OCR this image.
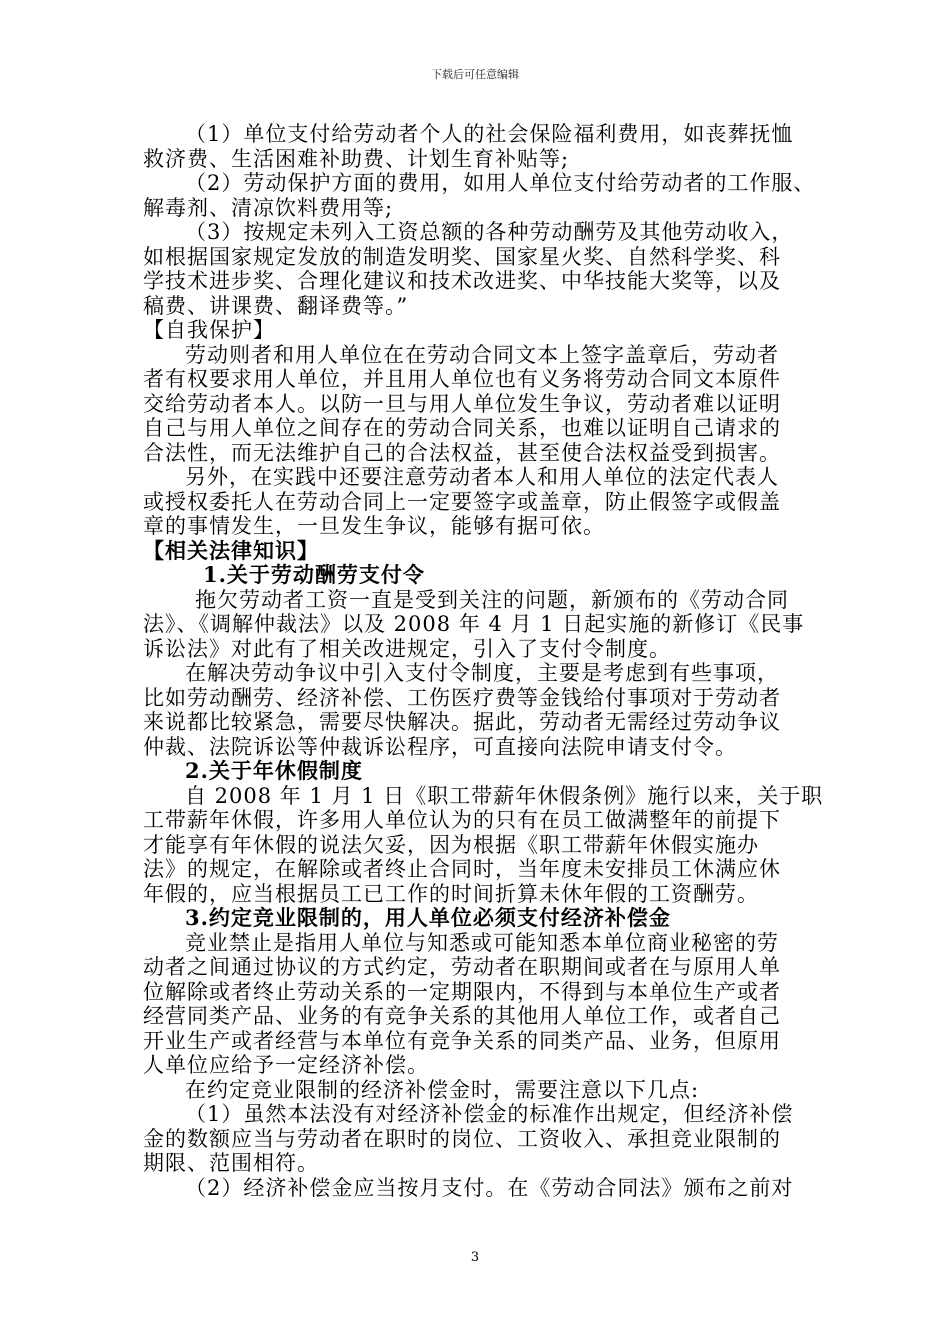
下载后可任意编辑
（1）单位支付给劳动者个人的社会保险福利费用，如丧葬抚恤
救济费、生活困难补助费、计划生育补贴等;
（2）劳动保护方面的费用，如用人单位支付给劳动者的工作服、
解毒剂、清凉饮料费用等;
（3）按规定未列入工资总额的各种劳动酬劳及其他劳动收入，
如根据国家规定发放的制造发明奖、国家星火奖、自然科学奖、科
学技术进步奖、合理化建议和技术改进奖、中华技能大奖等，以及
稿费、讲课费、翻译费等。”
【自我保护】
劳动则者和用人单位在在劳动合同文本上签字盖章后，劳动者
者有权要求用人单位，并且用人单位也有义务将劳动合同文本原件
交给劳动者本人。以防一旦与用人单位发生争议，劳动者难以证明
自己与用人单位之间存在的劳动合同关系，也难以证明自己请求的
合法性，而无法维护自己的合法权益，甚至使合法权益受到损害。
另外，在实践中还要注意劳动者本人和用人单位的法定代表人
或授权委托人在劳动合同上一定要签字或盖章，防止假签字或假盖
章的事情发生，一旦发生争议，能够有据可依。
【相关法律知识】
1.关于劳动酬劳支付令
拖欠劳动者工资一直是受到关注的问题，新颁布的《劳动合同
法》、《调解仲裁法》以及 2008 年 4 月 1 日起实施的新修订《民事
诉讼法》对此有了相关改进规定，引入了支付令制度。
在解决劳动争议中引入支付令制度，主要是考虑到有些事项，
比如劳动酬劳、经济补偿、工伤医疗费等金钱给付事项对于劳动者
来说都比较紧急，需要尽快解决。据此，劳动者无需经过劳动争议
仲裁、法院诉讼等仲裁诉讼程序，可直接向法院申请支付令。
2.关于年休假制度
自 2008 年 1 月 1 日《职工带薪年休假条例》施行以来，关于职
工带薪年休假，许多用人单位认为的只有在员工做满整年的前提下
才能享有年休假的说法欠妥，因为根据《职工带薪年休假实施办
法》的规定，在解除或者终止合同时，当年度未安排员工休满应休
年假的，应当根据员工已工作的时间折算未休年假的工资酬劳。
3.约定竞业限制的，用人单位必须支付经济补偿金
竞业禁止是指用人单位与知悉或可能知悉本单位商业秘密的劳
动者之间通过协议的方式约定，劳动者在职期间或者在与原用人单
位解除或者终止劳动关系的一定期限内，不得到与本单位生产或者
经营同类产品、业务的有竞争关系的其他用人单位工作，或者自己
开业生产或者经营与本单位有竞争关系的同类产品、业务，但原用
人单位应给予一定经济补偿。
在约定竞业限制的经济补偿金时，需要注意以下几点:
（1）虽然本法没有对经济补偿金的标准作出规定，但经济补偿
金的数额应当与劳动者在职时的岗位、工资收入、承担竞业限制的
期限、范围相符。
（2）经济补偿金应当按月支付。在《劳动合同法》颁布之前对
3
